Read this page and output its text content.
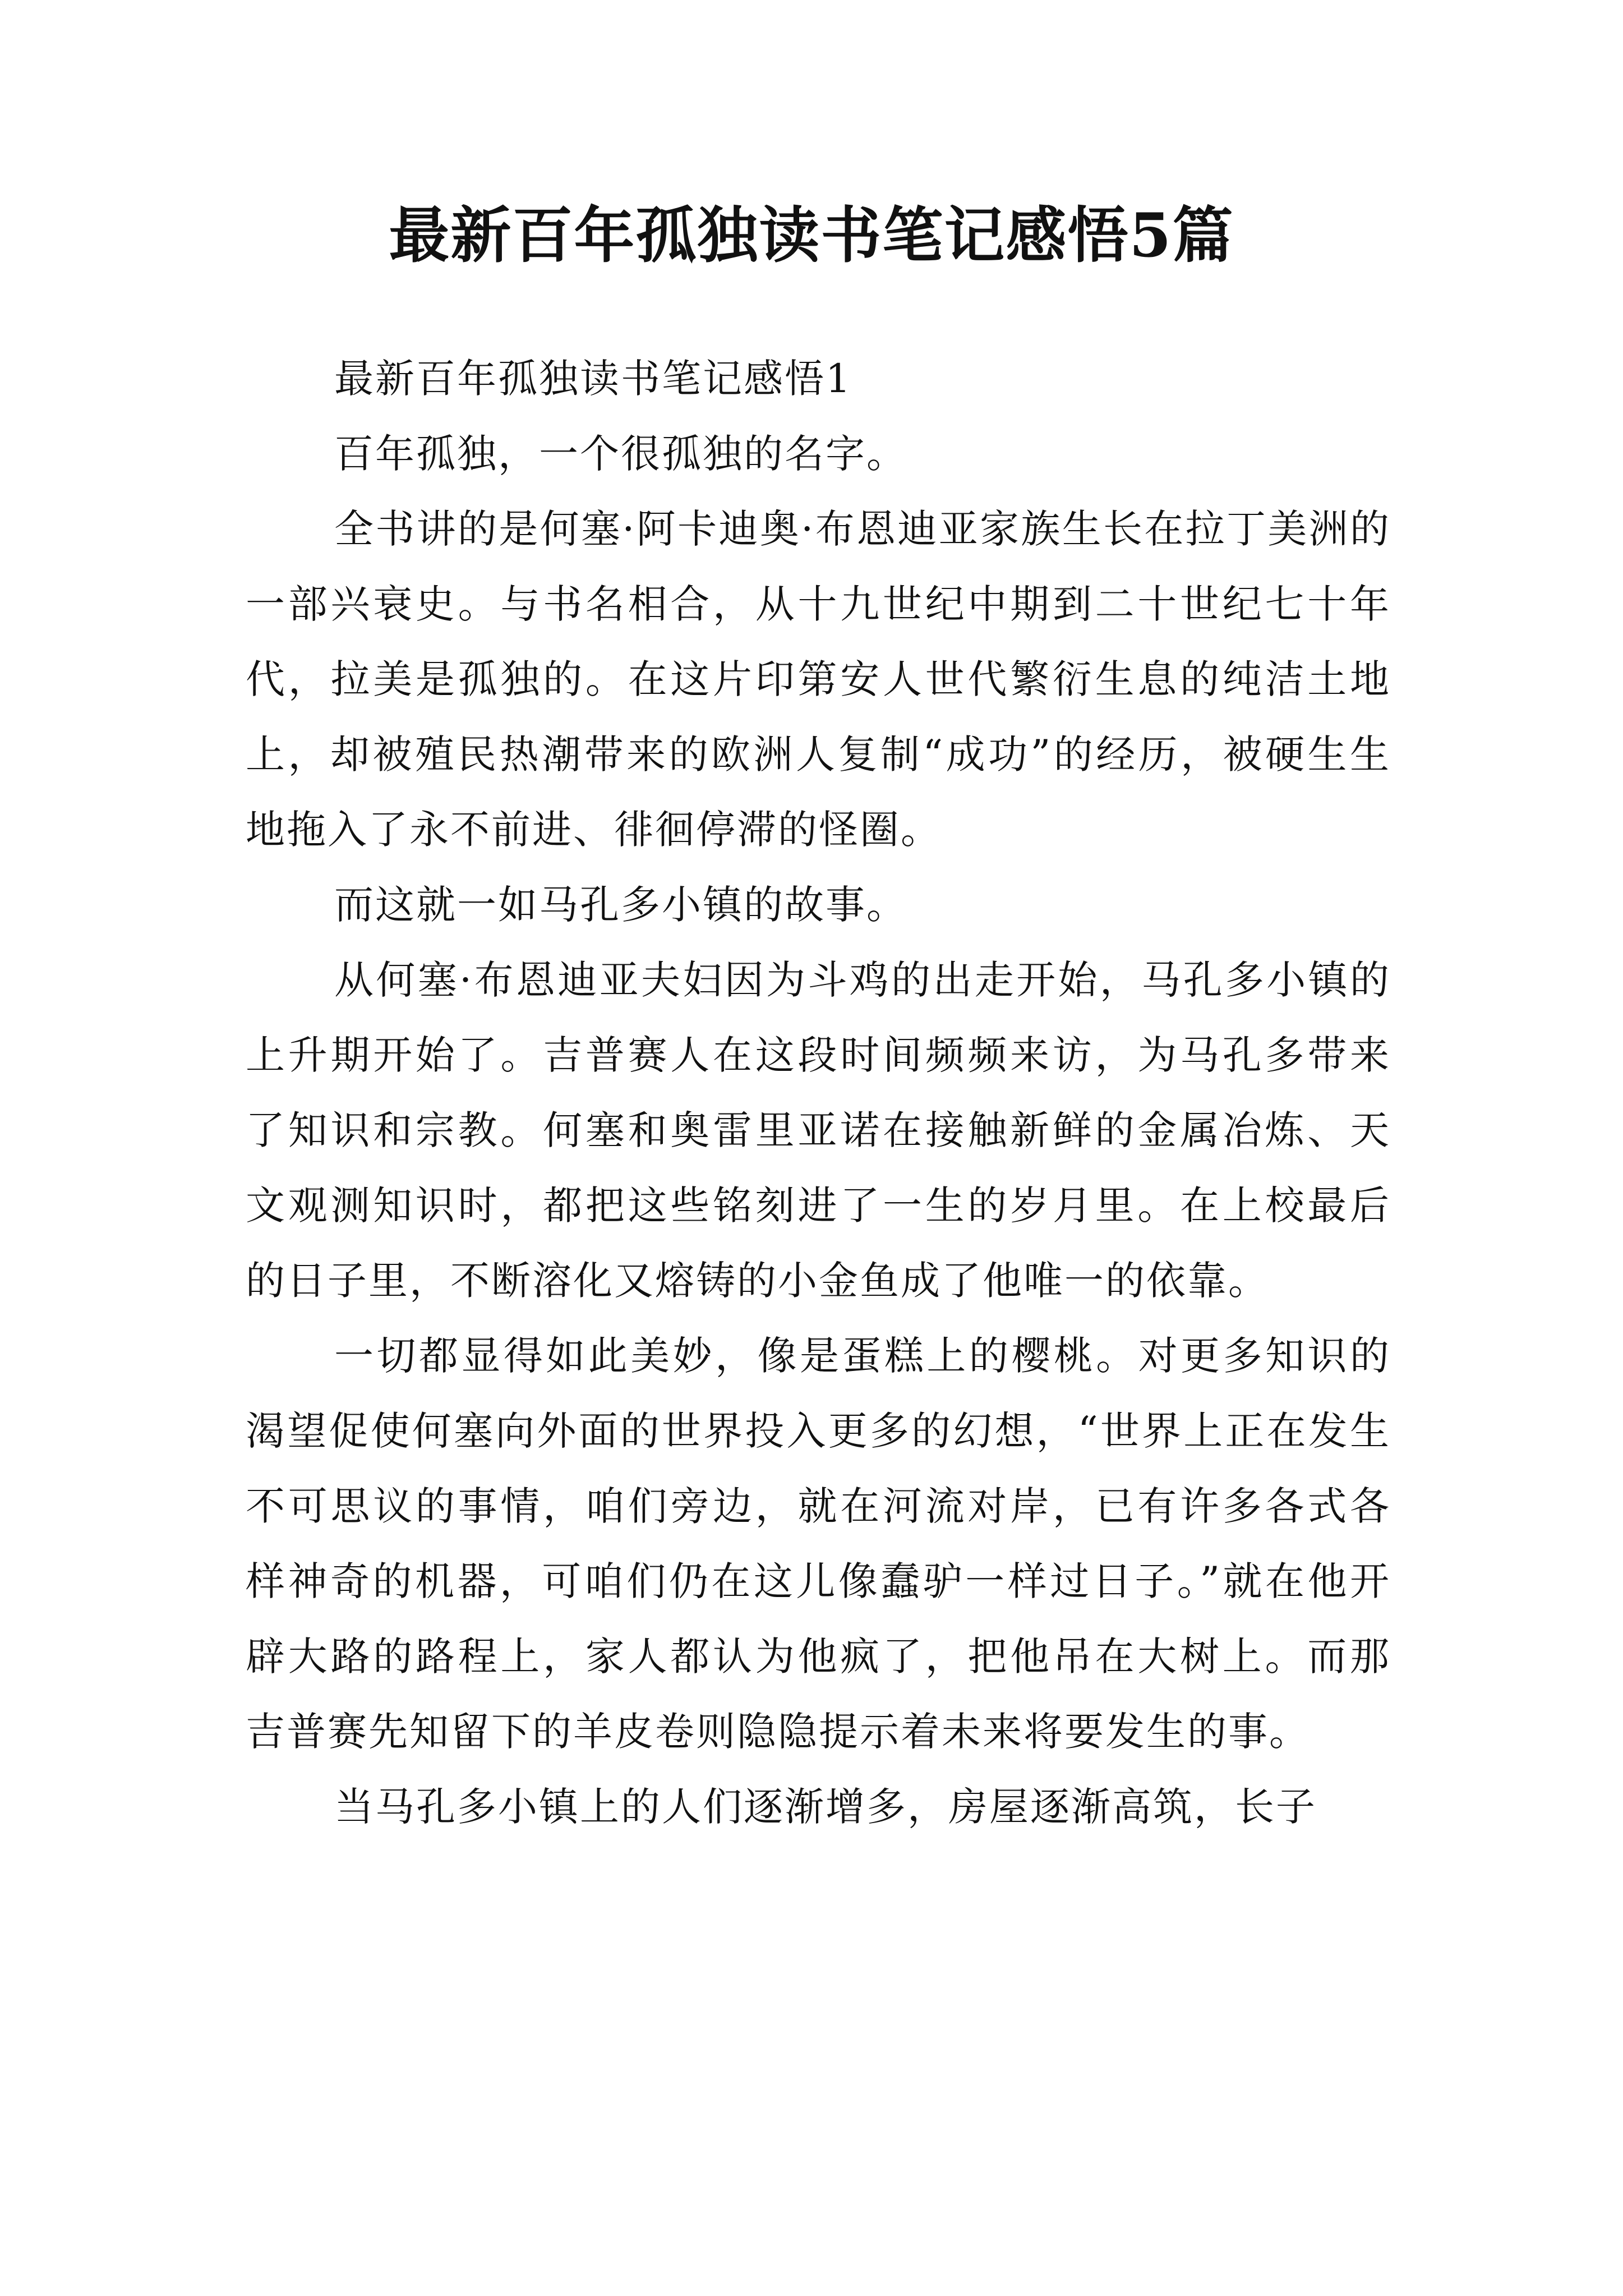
最新百年孤独读书笔记感悟5篇

最新百年孤独读书笔记感悟1

百年孤独，一个很孤独的名字。

全书讲的是何塞·阿卡迪奥·布恩迪亚家族生长在拉丁美洲的一部兴衰史。与书名相合，从十九世纪中期到二十世纪七十年代，拉美是孤独的。在这片印第安人世代繁衍生息的纯洁土地上，却被殖民热潮带来的欧洲人复制“成功”的经历，被硬生生地拖入了永不前进、徘徊停滞的怪圈。

而这就一如马孔多小镇的故事。

从何塞·布恩迪亚夫妇因为斗鸡的出走开始，马孔多小镇的上升期开始了。吉普赛人在这段时间频频来访，为马孔多带来了知识和宗教。何塞和奥雷里亚诺在接触新鲜的金属冶炼、天文观测知识时，都把这些铭刻进了一生的岁月里。在上校最后的日子里，不断溶化又熔铸的小金鱼成了他唯一的依靠。

一切都显得如此美妙，像是蛋糕上的樱桃。对更多知识的渴望促使何塞向外面的世界投入更多的幻想，“世界上正在发生不可思议的事情，咱们旁边，就在河流对岸，已有许多各式各样神奇的机器，可咱们仍在这儿像蠢驴一样过日子。”就在他开辟大路的路程上，家人都认为他疯了，把他吊在大树上。而那吉普赛先知留下的羊皮卷则隐隐提示着未来将要发生的事。

当马孔多小镇上的人们逐渐增多，房屋逐渐高筑，长子
